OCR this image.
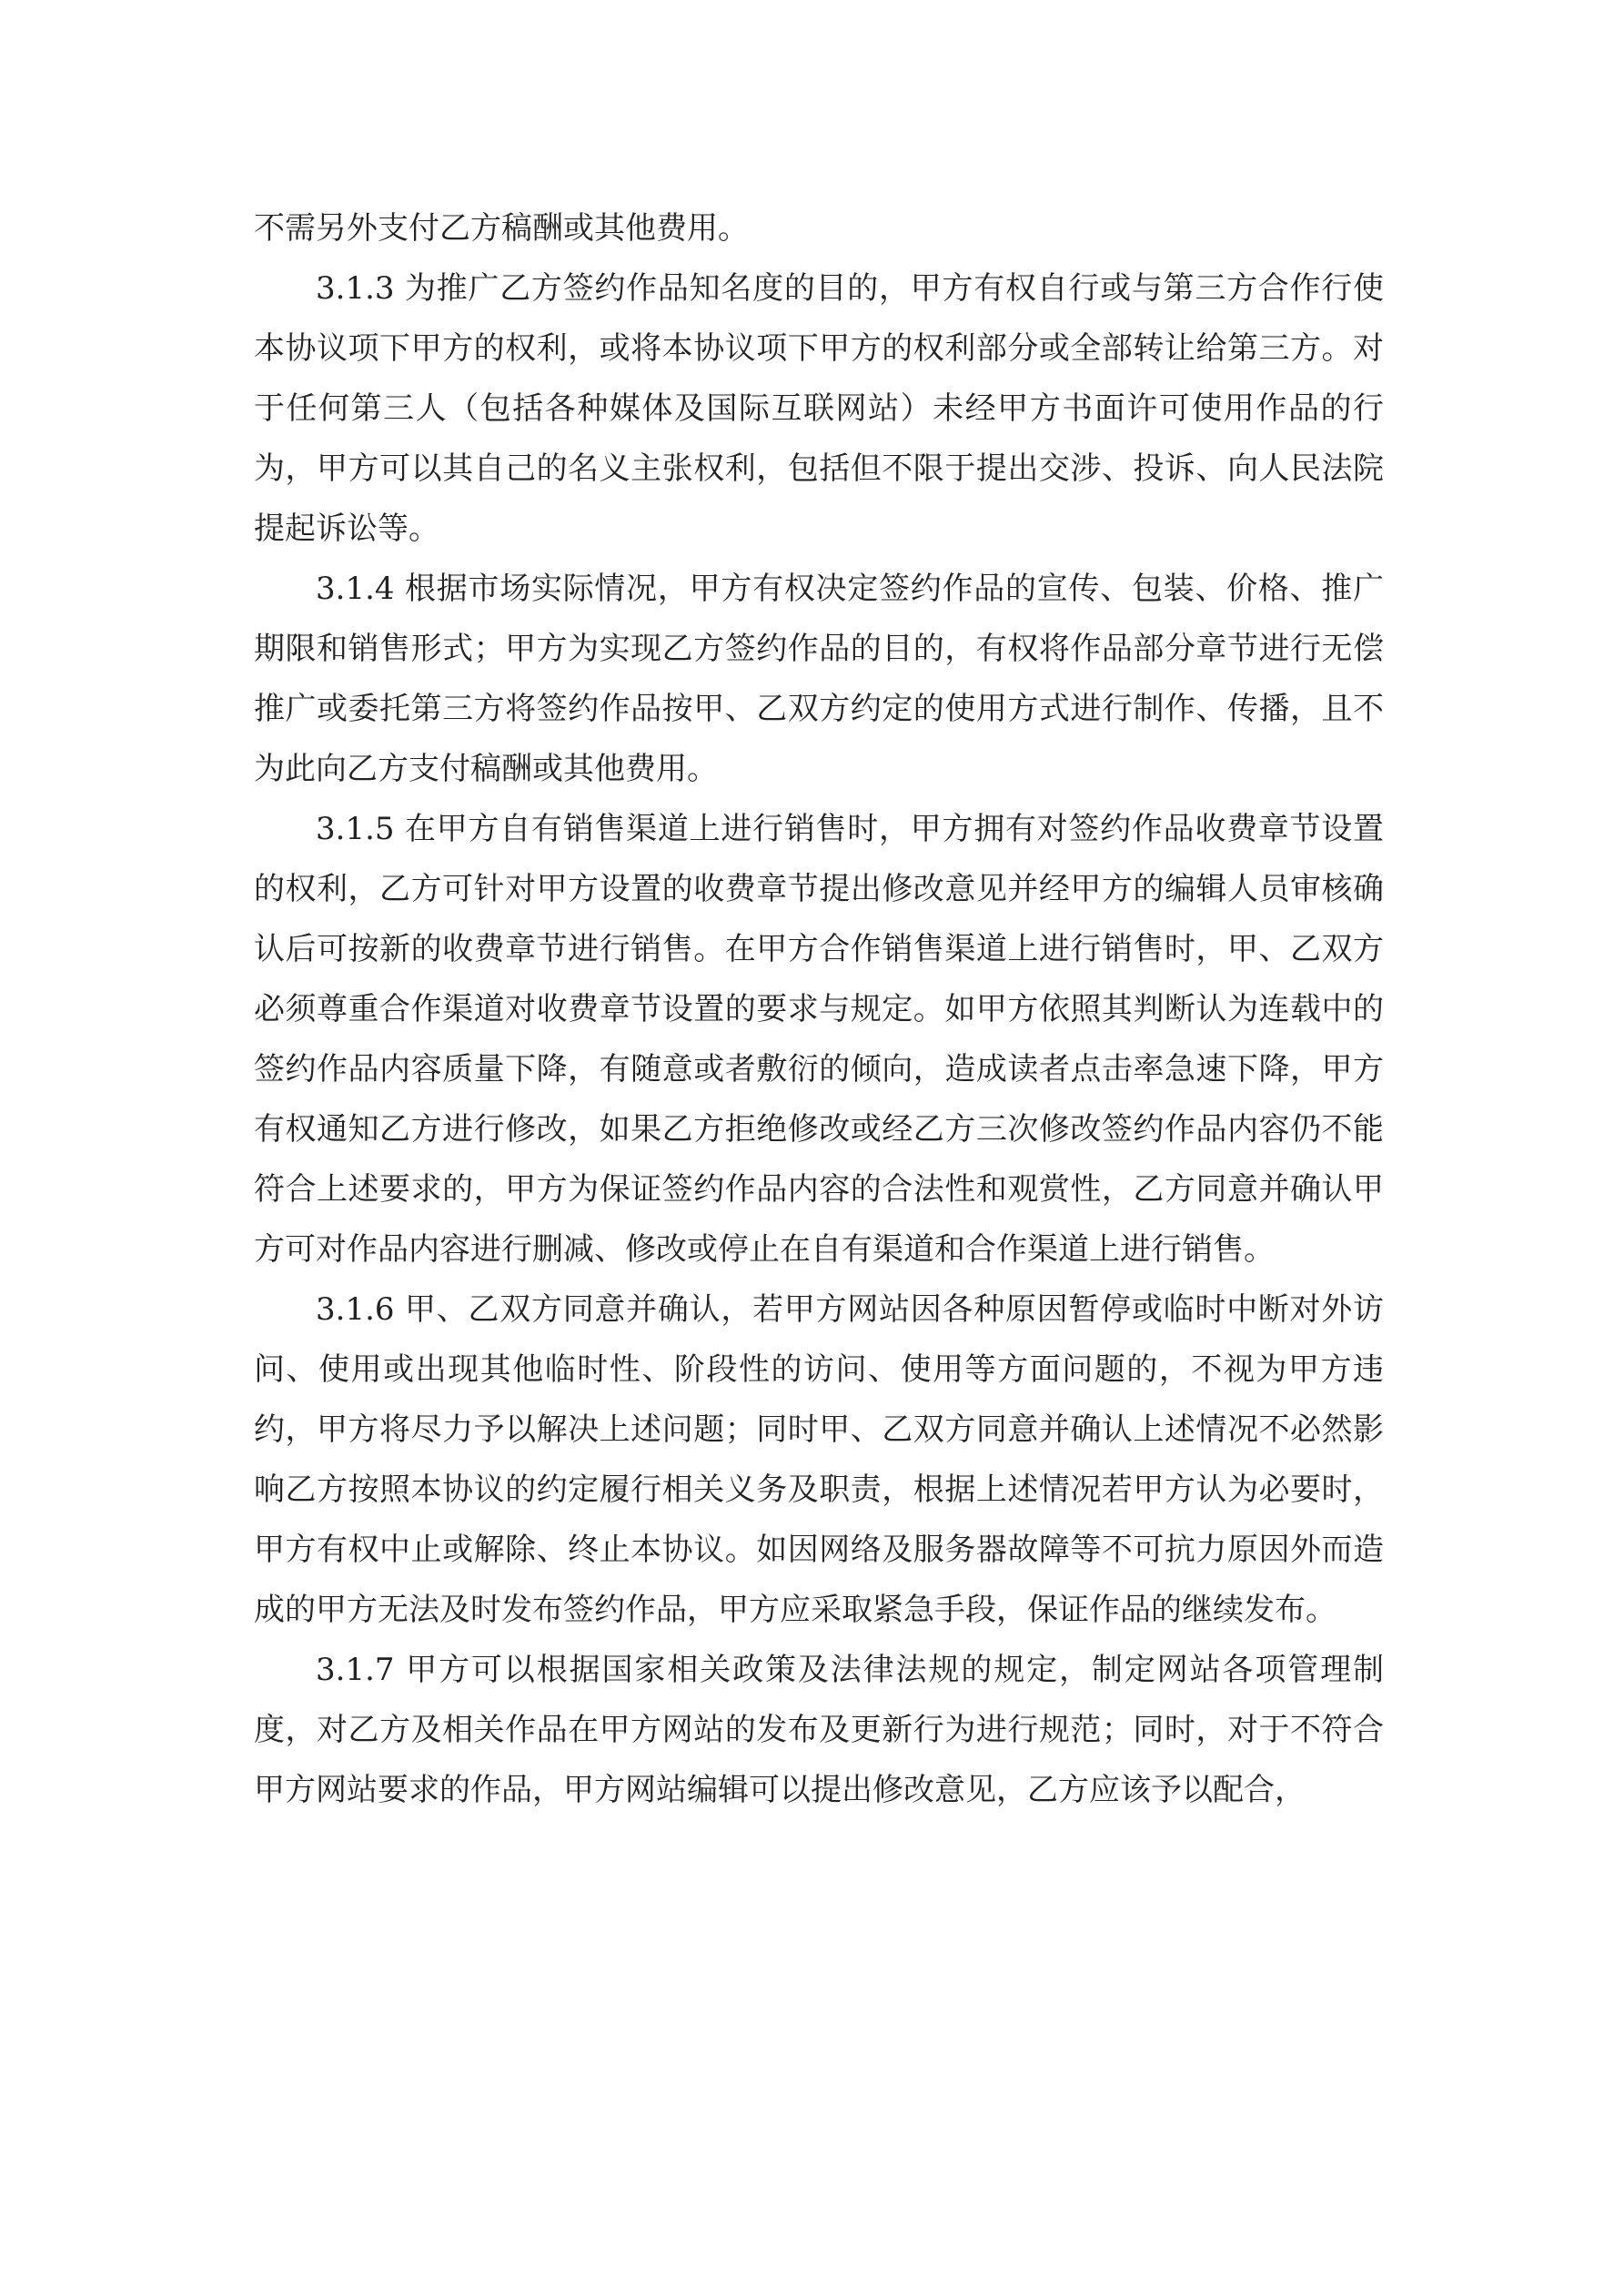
不需另外支付乙方稿酬或其他费用。

3.1.3 为推广乙方签约作品知名度的目的，甲方有权自行或与第三方合作行使本协议项下甲方的权利，或将本协议项下甲方的权利部分或全部转让给第三方。对于任何第三人（包括各种媒体及国际互联网站）未经甲方书面许可使用作品的行为，甲方可以其自己的名义主张权利，包括但不限于提出交涉、投诉、向人民法院提起诉讼等。

3.1.4 根据市场实际情况，甲方有权决定签约作品的宣传、包装、价格、推广期限和销售形式；甲方为实现乙方签约作品的目的，有权将作品部分章节进行无偿推广或委托第三方将签约作品按甲、乙双方约定的使用方式进行制作、传播，且不为此向乙方支付稿酬或其他费用。

3.1.5 在甲方自有销售渠道上进行销售时，甲方拥有对签约作品收费章节设置的权利，乙方可针对甲方设置的收费章节提出修改意见并经甲方的编辑人员审核确认后可按新的收费章节进行销售。在甲方合作销售渠道上进行销售时，甲、乙双方必须尊重合作渠道对收费章节设置的要求与规定。如甲方依照其判断认为连载中的签约作品内容质量下降，有随意或者敷衍的倾向，造成读者点击率急速下降，甲方有权通知乙方进行修改，如果乙方拒绝修改或经乙方三次修改签约作品内容仍不能符合上述要求的，甲方为保证签约作品内容的合法性和观赏性，乙方同意并确认甲方可对作品内容进行删减、修改或停止在自有渠道和合作渠道上进行销售。

3.1.6 甲、乙双方同意并确认，若甲方网站因各种原因暂停或临时中断对外访问、使用或出现其他临时性、阶段性的访问、使用等方面问题的，不视为甲方违约，甲方将尽力予以解决上述问题；同时甲、乙双方同意并确认上述情况不必然影响乙方按照本协议的约定履行相关义务及职责，根据上述情况若甲方认为必要时，甲方有权中止或解除、终止本协议。如因网络及服务器故障等不可抗力原因外而造成的甲方无法及时发布签约作品，甲方应采取紧急手段，保证作品的继续发布。

3.1.7 甲方可以根据国家相关政策及法律法规的规定，制定网站各项管理制度，对乙方及相关作品在甲方网站的发布及更新行为进行规范；同时，对于不符合甲方网站要求的作品，甲方网站编辑可以提出修改意见，乙方应该予以配合，
